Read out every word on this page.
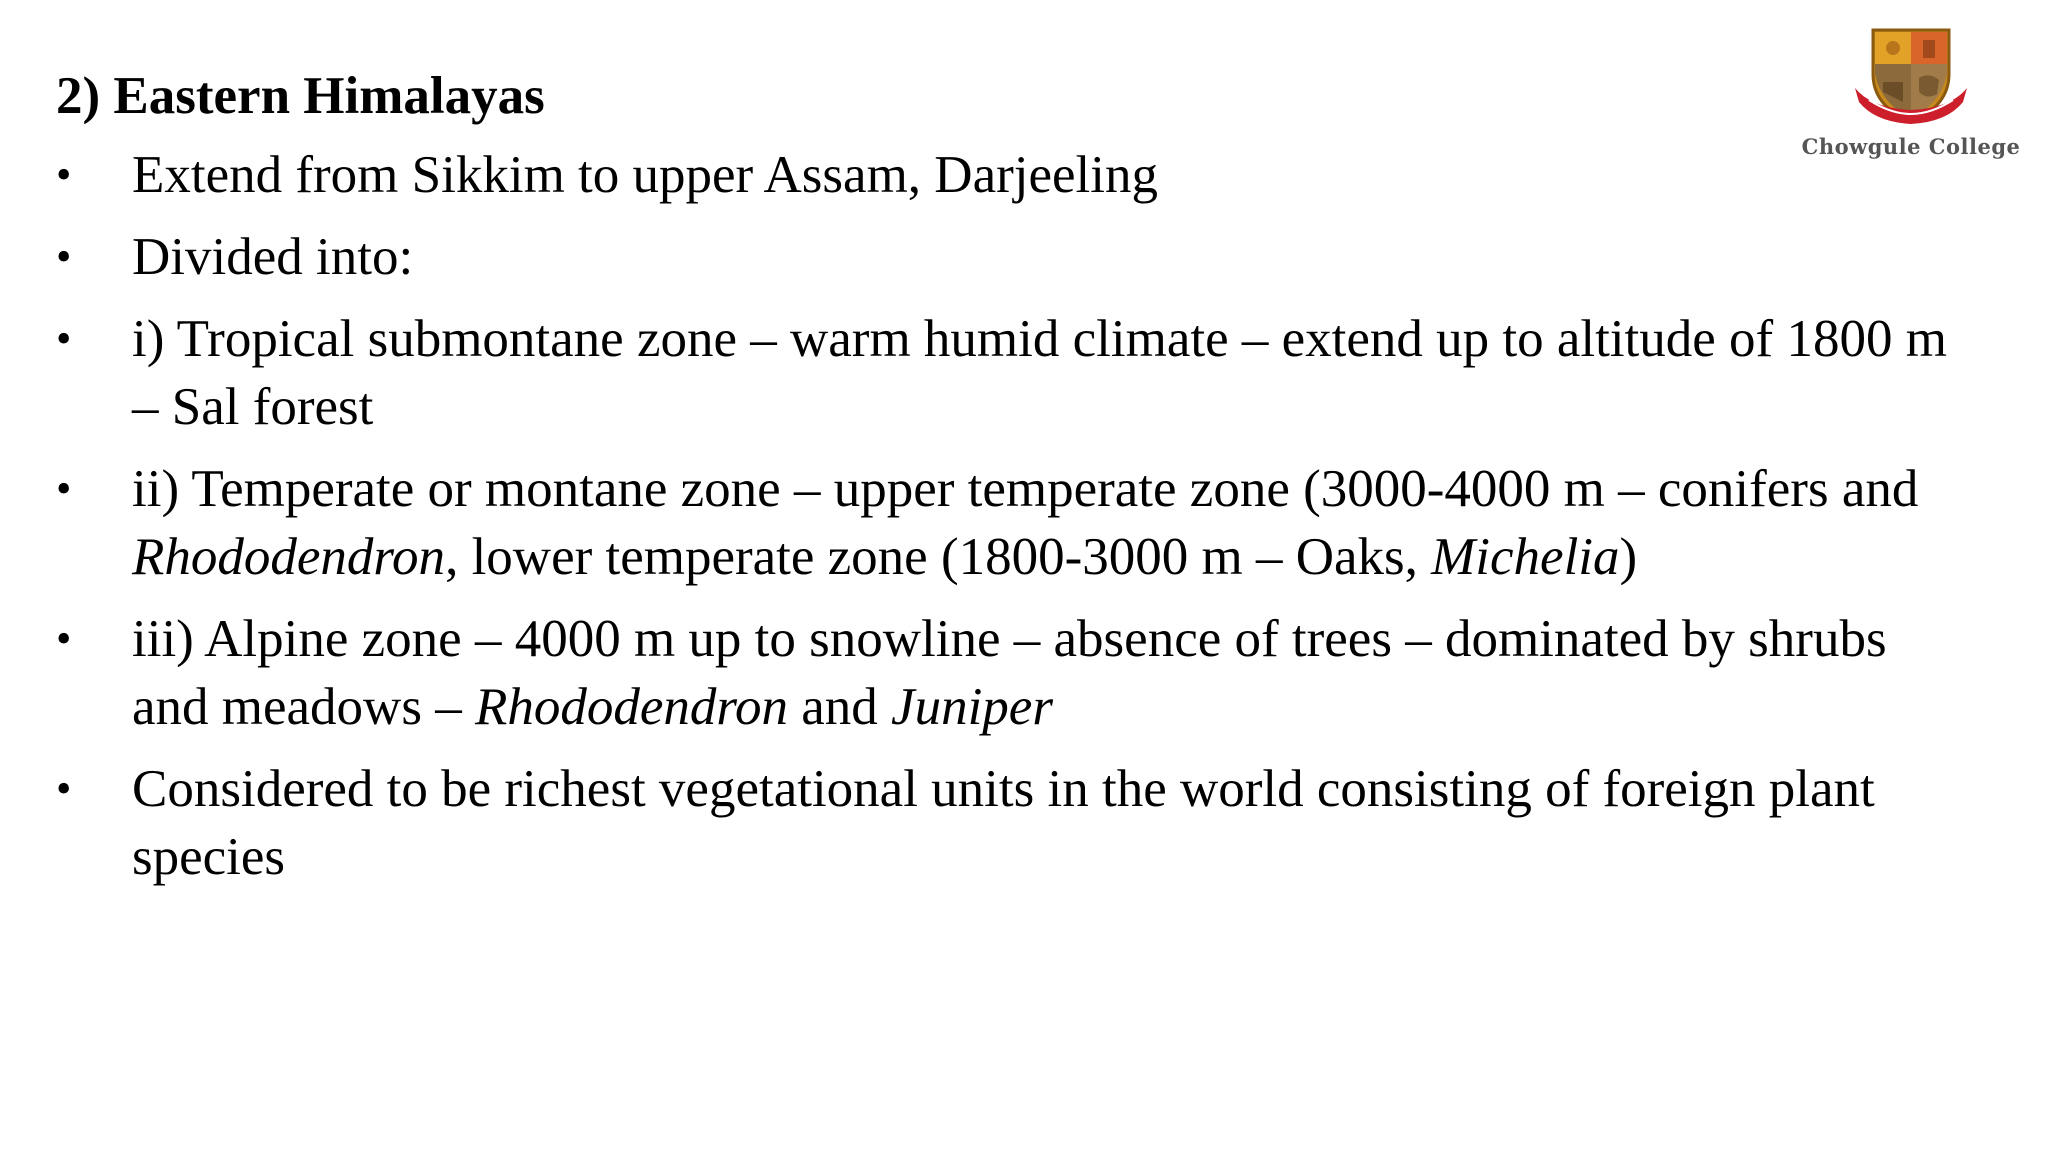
2) Eastern Himalayas
Chowgule College
• Extend from Sikkim to upper Assam, Darjeeling
• Divided into:
• i) Tropical submontane zone – warm humid climate – extend up to altitude of 1800 m – Sal forest
• ii) Temperate or montane zone – upper temperate zone (3000-4000 m – conifers and Rhododendron, lower temperate zone (1800-3000 m – Oaks, Michelia)
• iii) Alpine zone – 4000 m up to snowline – absence of trees – dominated by shrubs and meadows – Rhododendron and Juniper
• Considered to be richest vegetational units in the world consisting of foreign plant species
